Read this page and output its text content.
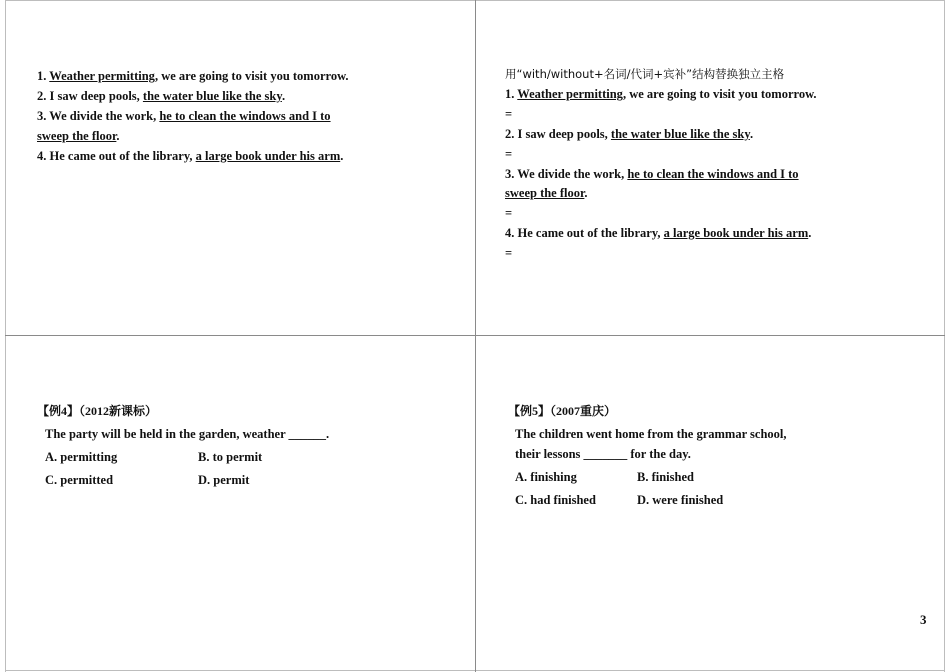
1. Weather permitting, we are going to visit you tomorrow.
2. I saw deep pools, the water blue like the sky.
3. We divide the work, he to clean the windows and I to
sweep the floor.
4. He came out of the library, a large book under his arm.
用“with/without+名词/代词+宾补”结构替换独立主格
1. Weather permitting, we are going to visit you tomorrow.
=
2. I saw deep pools, the water blue like the sky.
=
3. We divide the work, he to clean the windows and I to
sweep the floor.
=
4. He came out of the library, a large book under his arm.
=
【例4】（2012新课标）
The party will be held in the garden, weather ______.
A. permitting	B. to permit
C. permitted	D. permit
【例5】（2007重庆）
The children went home from the grammar school,
their lessons _______ for the day.
A. finishing	B. finished
C. had finished	D. were finished
3
